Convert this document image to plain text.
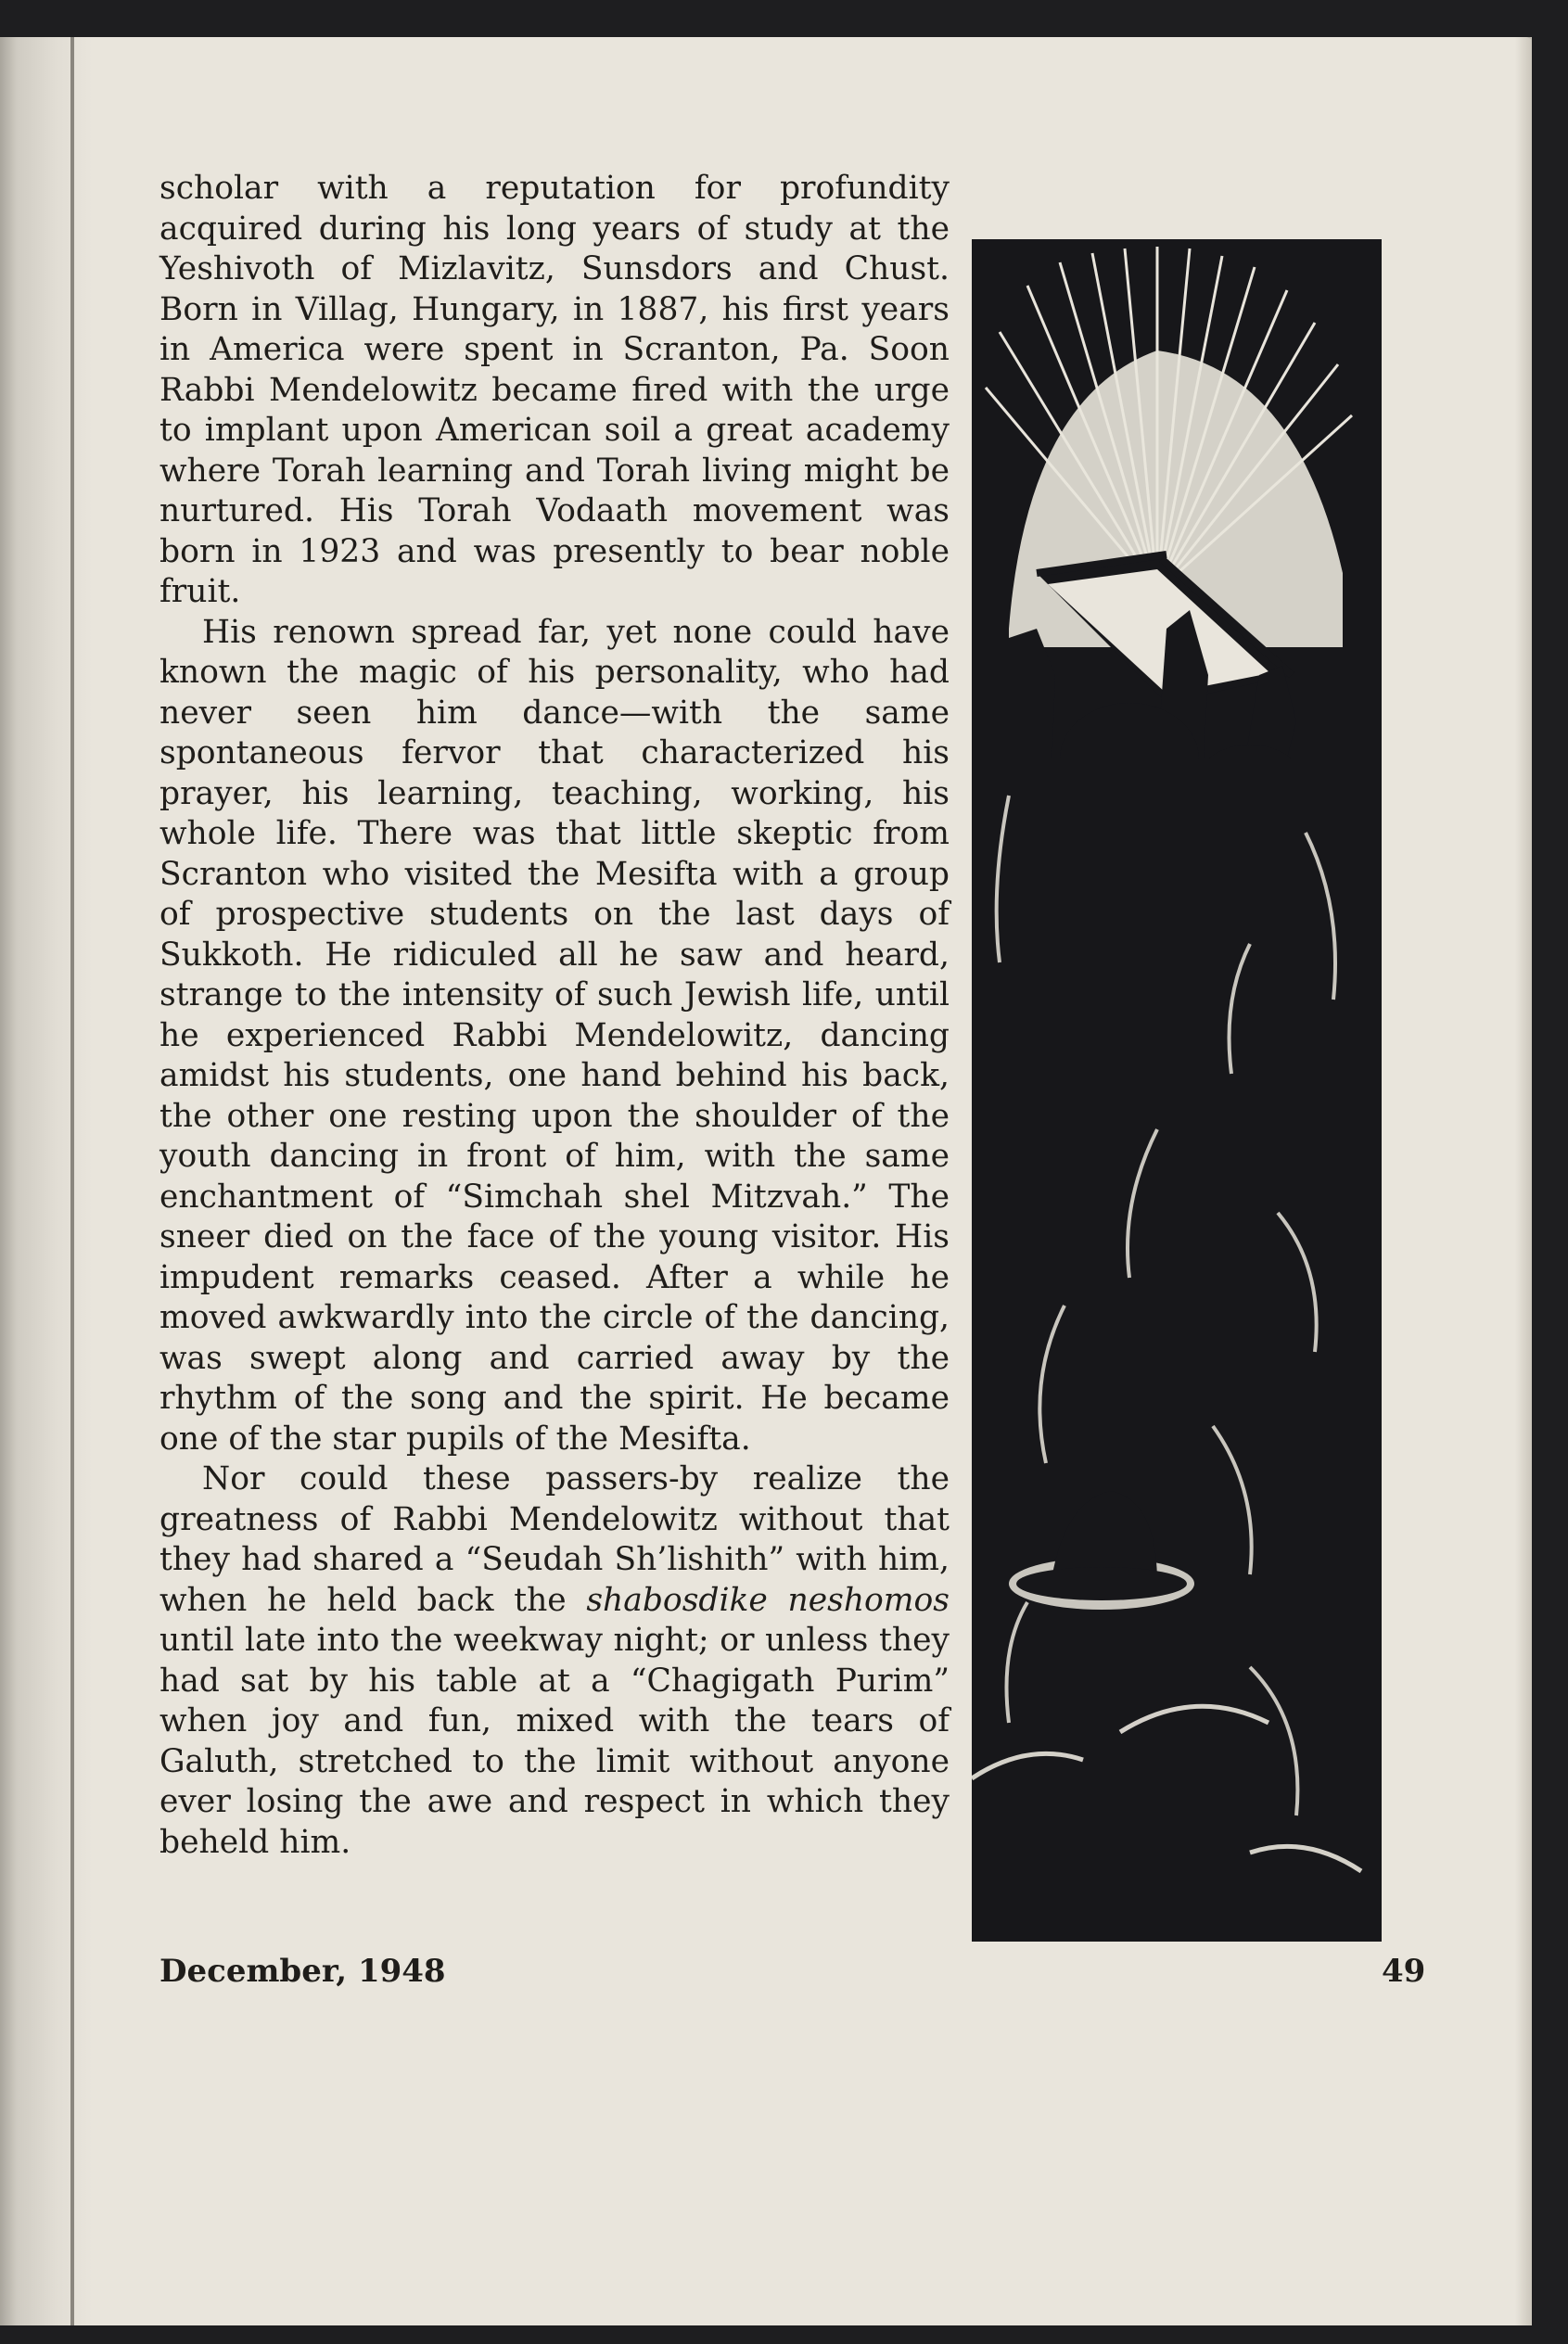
scholar with a reputation for profundity acquired during his long years of study at the Yeshivoth of Mizlavitz, Sunsdors and Chust. Born in Villag, Hungary, in 1887, his first years in America were spent in Scranton, Pa. Soon Rabbi Mendelowitz became fired with the urge to implant upon American soil a great academy where Torah learning and Torah living might be nurtured. His Torah Vodaath movement was born in 1923 and was presently to bear noble fruit.

His renown spread far, yet none could have known the magic of his personality, who had never seen him dance—with the same spontaneous fervor that characterized his prayer, his learning, teaching, working, his whole life. There was that little skeptic from Scranton who visited the Mesifta with a group of prospective students on the last days of Sukkoth. He ridiculed all he saw and heard, strange to the intensity of such Jewish life, until he experienced Rabbi Mendelowitz, dancing amidst his students, one hand behind his back, the other one resting upon the shoulder of the youth dancing in front of him, with the same enchantment of “Simchah shel Mitzvah.” The sneer died on the face of the young visitor. His impudent remarks ceased. After a while he moved awkwardly into the circle of the dancing, was swept along and carried away by the rhythm of the song and the spirit. He became one of the star pupils of the Mesifta.

Nor could these passers-by realize the greatness of Rabbi Mendelowitz without that they had shared a “Seudah Sh’lishith” with him, when he held back the shabosdike neshomos until late into the weekway night; or unless they had sat by his table at a “Chagigath Purim” when joy and fun, mixed with the tears of Galuth, stretched to the limit without anyone ever losing the awe and respect in which they beheld him.

December, 1948	49
